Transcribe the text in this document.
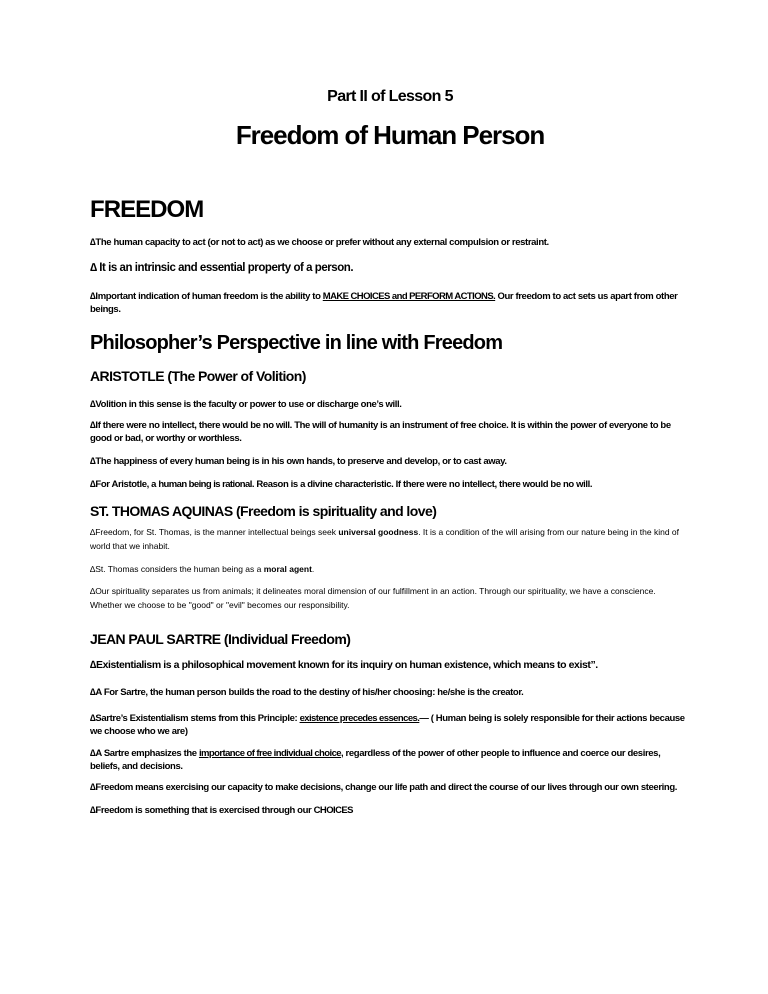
Part II of Lesson 5
Freedom of Human Person
FREEDOM
∆The human capacity to act (or not to act) as we choose or prefer without any external compulsion or restraint.
∆ It is an intrinsic and essential property of a person.
∆Important indication of human freedom is the ability to MAKE CHOICES and PERFORM ACTIONS. Our freedom to act sets us apart from other beings.
Philosopher’s Perspective in line with Freedom
ARISTOTLE (The Power of Volition)
∆Volition in this sense is the faculty or power to use or discharge one’s will.
∆If there were no intellect, there would be no will. The will of humanity is an instrument of free choice. It is within the power of everyone to be good or bad, or worthy or worthless.
∆The happiness of every human being is in his own hands, to preserve and develop, or to cast away.
∆For Aristotle, a human being is rational. Reason is a divine characteristic. If there were no intellect, there would be no will.
ST. THOMAS AQUINAS (Freedom is spirituality and love)
∆Freedom, for St. Thomas, is the manner intellectual beings seek universal goodness. It is a condition of the will arising from our nature being in the kind of world that we inhabit.
∆St. Thomas considers the human being as a moral agent.
∆Our spirituality separates us from animals; it delineates moral dimension of our fulfillment in an action. Through our spirituality, we have a conscience. Whether we choose to be "good" or "evil" becomes our responsibility.
JEAN PAUL SARTRE (Individual Freedom)
∆Existentialism is a philosophical movement known for its inquiry on human existence, which means to exist”.
∆A For Sartre, the human person builds the road to the destiny of his/her choosing: he/she is the creator.
∆Sartre’s Existentialism stems from this Principle: existence precedes essences.— ( Human being is solely responsible for their actions because we choose who we are)
∆A Sartre emphasizes the importance of free individual choice, regardless of the power of other people to influence and coerce our desires, beliefs, and decisions.
∆Freedom means exercising our capacity to make decisions, change our life path and direct the course of our lives through our own steering.
∆Freedom is something that is exercised through our CHOICES
